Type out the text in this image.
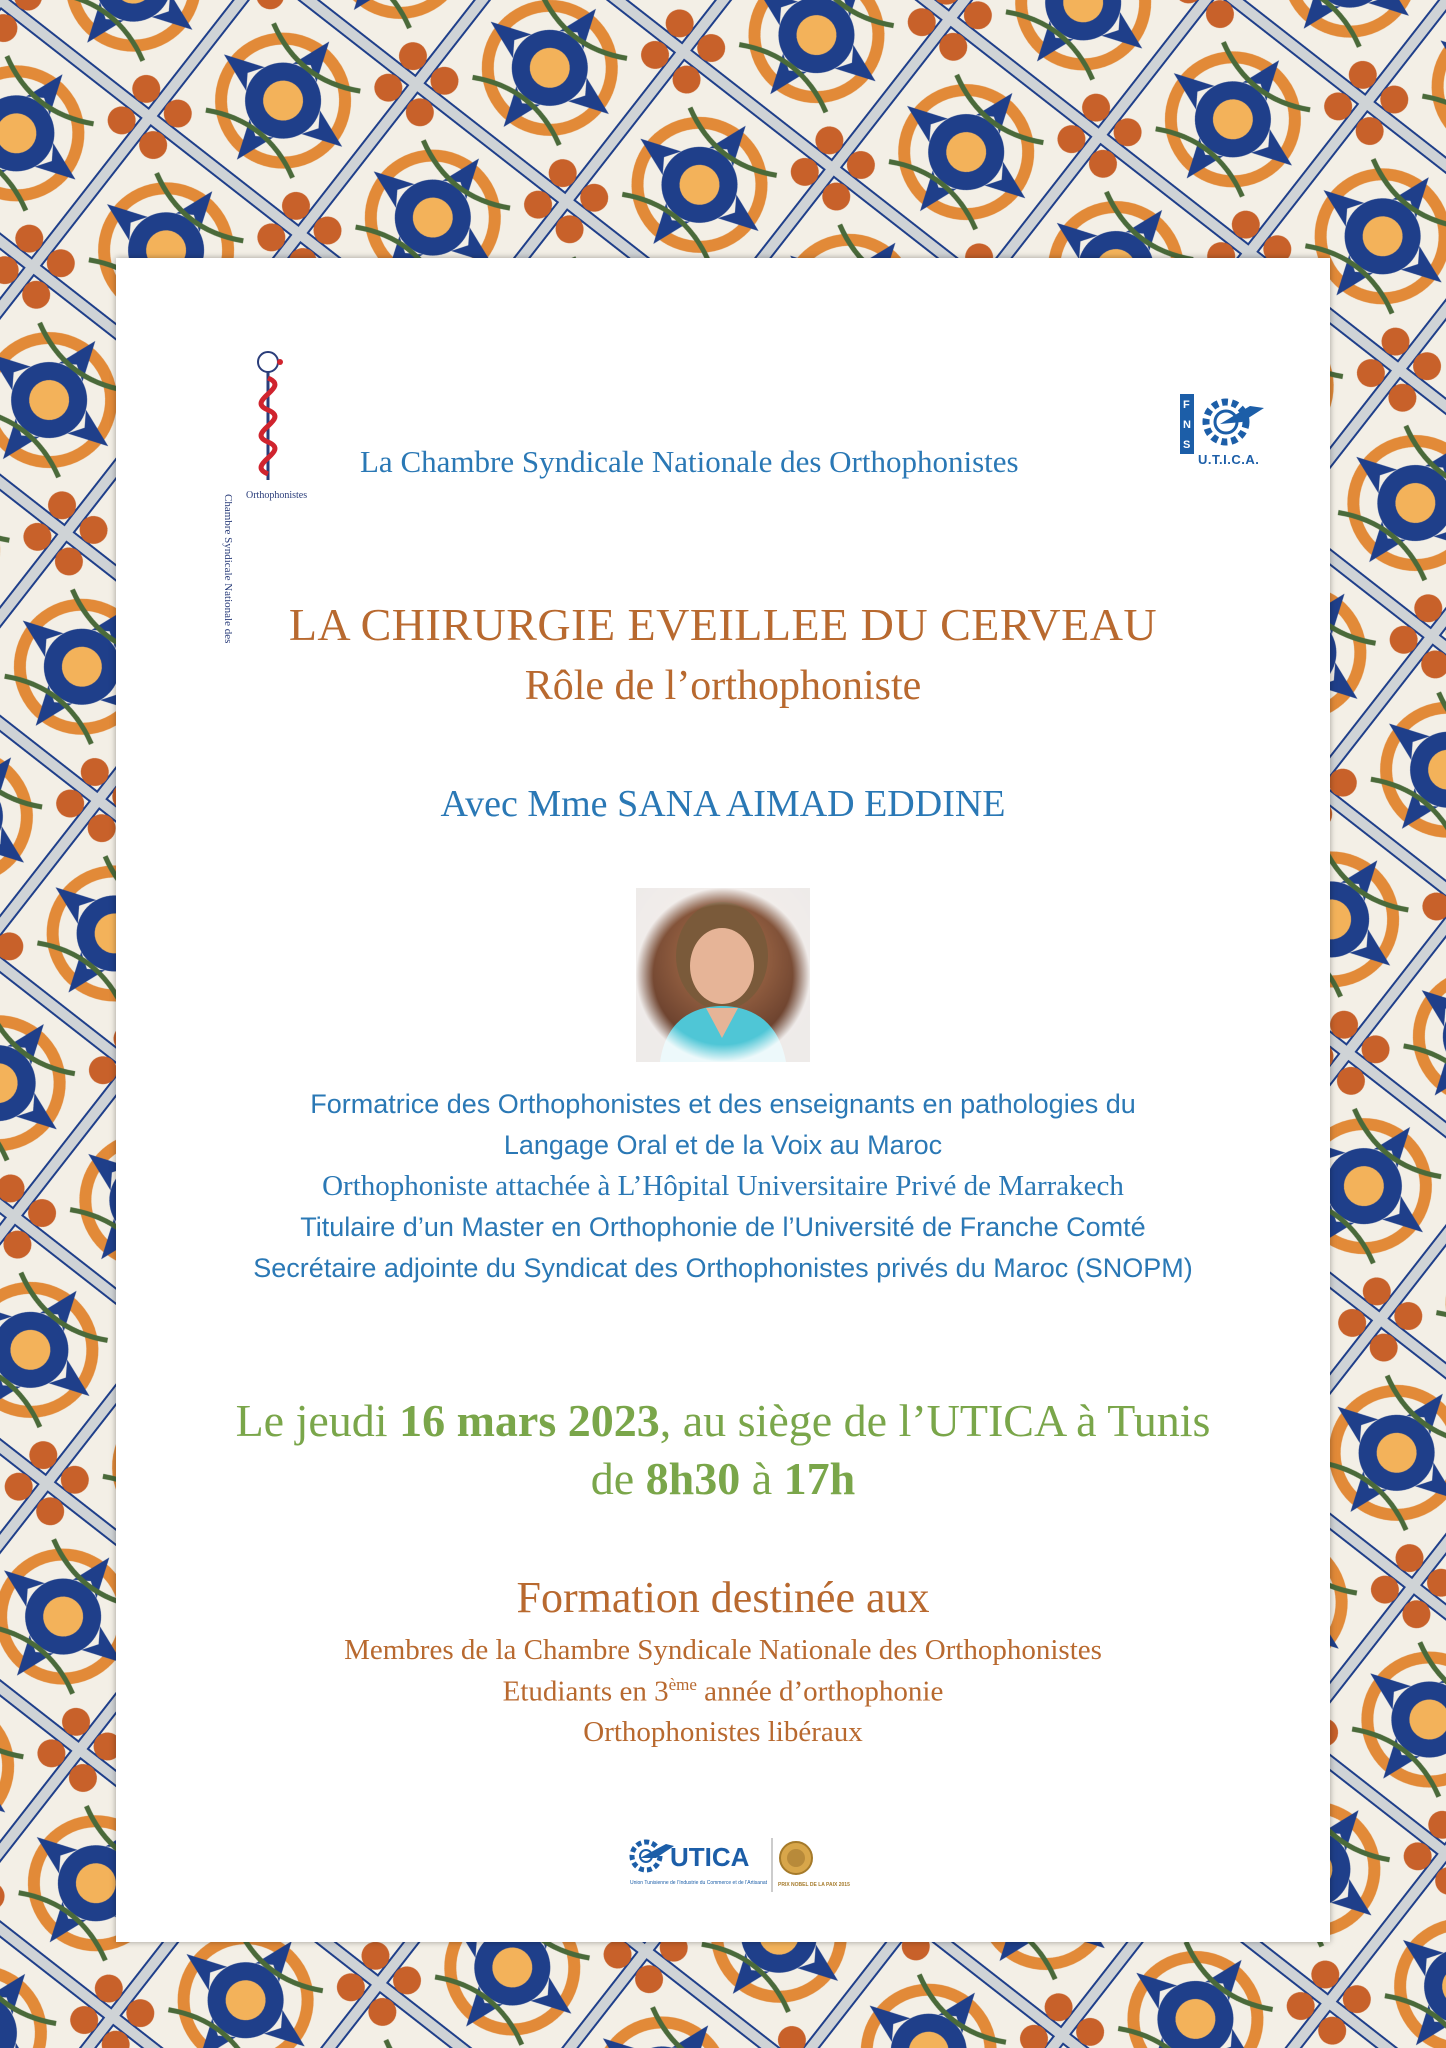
Chambre Syndicale Nationale des Orthophonistes
La Chambre Syndicale Nationale des Orthophonistes
F
N
S
U.T.I.C.A.
LA CHIRURGIE EVEILLEE DU CERVEAU
Rôle de l’orthophoniste
Avec Mme SANA AIMAD EDDINE
Formatrice des Orthophonistes et des enseignants en pathologies du
Langage Oral et de la Voix au Maroc
Orthophoniste attachée à L’Hôpital Universitaire Privé de Marrakech
Titulaire d’un Master en Orthophonie de l’Université de Franche Comté
Secrétaire adjointe du Syndicat des Orthophonistes privés du Maroc (SNOPM)
Le jeudi 16 mars 2023, au siège de l’UTICA à Tunis
de 8h30 à 17h
Formation destinée aux
Membres de la Chambre Syndicale Nationale des Orthophonistes
Etudiants en 3ème année d’orthophonie
Orthophonistes libéraux
UTICA
Union Tunisienne de l’Industrie du Commerce et de l’Artisanat PRIX NOBEL DE LA PAIX 2015
